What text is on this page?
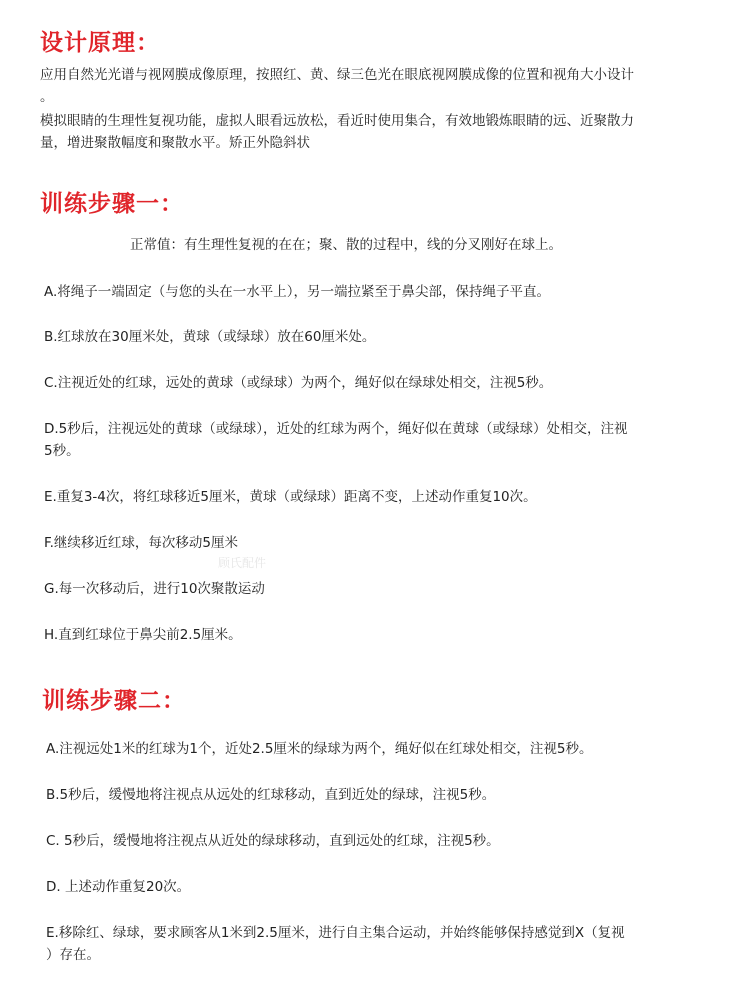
设计原理：
应用自然光光谱与视网膜成像原理，按照红、黄、绿三色光在眼底视网膜成像的位置和视角大小设计
。
模拟眼睛的生理性复视功能，虚拟人眼看远放松，看近时使用集合，有效地锻炼眼睛的远、近聚散力
量，增进聚散幅度和聚散水平。矫正外隐斜状
训练步骤一：
正常值：有生理性复视的在在；聚、散的过程中，线的分叉刚好在球上。
A.将绳子一端固定（与您的头在一水平上），另一端拉紧至于鼻尖部，保持绳子平直。
B.红球放在30厘米处，黄球（或绿球）放在60厘米处。
C.注视近处的红球，远处的黄球（或绿球）为两个，绳好似在绿球处相交，注视5秒。
D.5秒后，注视远处的黄球（或绿球），近处的红球为两个，绳好似在黄球（或绿球）处相交，注视
5秒。
E.重复3-4次，将红球移近5厘米，黄球（或绿球）距离不变，上述动作重复10次。
F.继续移近红球，每次移动5厘米
G.每一次移动后，进行10次聚散运动
H.直到红球位于鼻尖前2.5厘米。
顾氏配件
训练步骤二：
A.注视远处1米的红球为1个，近处2.5厘米的绿球为两个，绳好似在红球处相交，注视5秒。
B.5秒后，缓慢地将注视点从远处的红球移动，直到近处的绿球，注视5秒。
C. 5秒后，缓慢地将注视点从近处的绿球移动，直到远处的红球，注视5秒。
D. 上述动作重复20次。
E.移除红、绿球，要求顾客从1米到2.5厘米，进行自主集合运动，并始终能够保持感觉到X（复视
）存在。
